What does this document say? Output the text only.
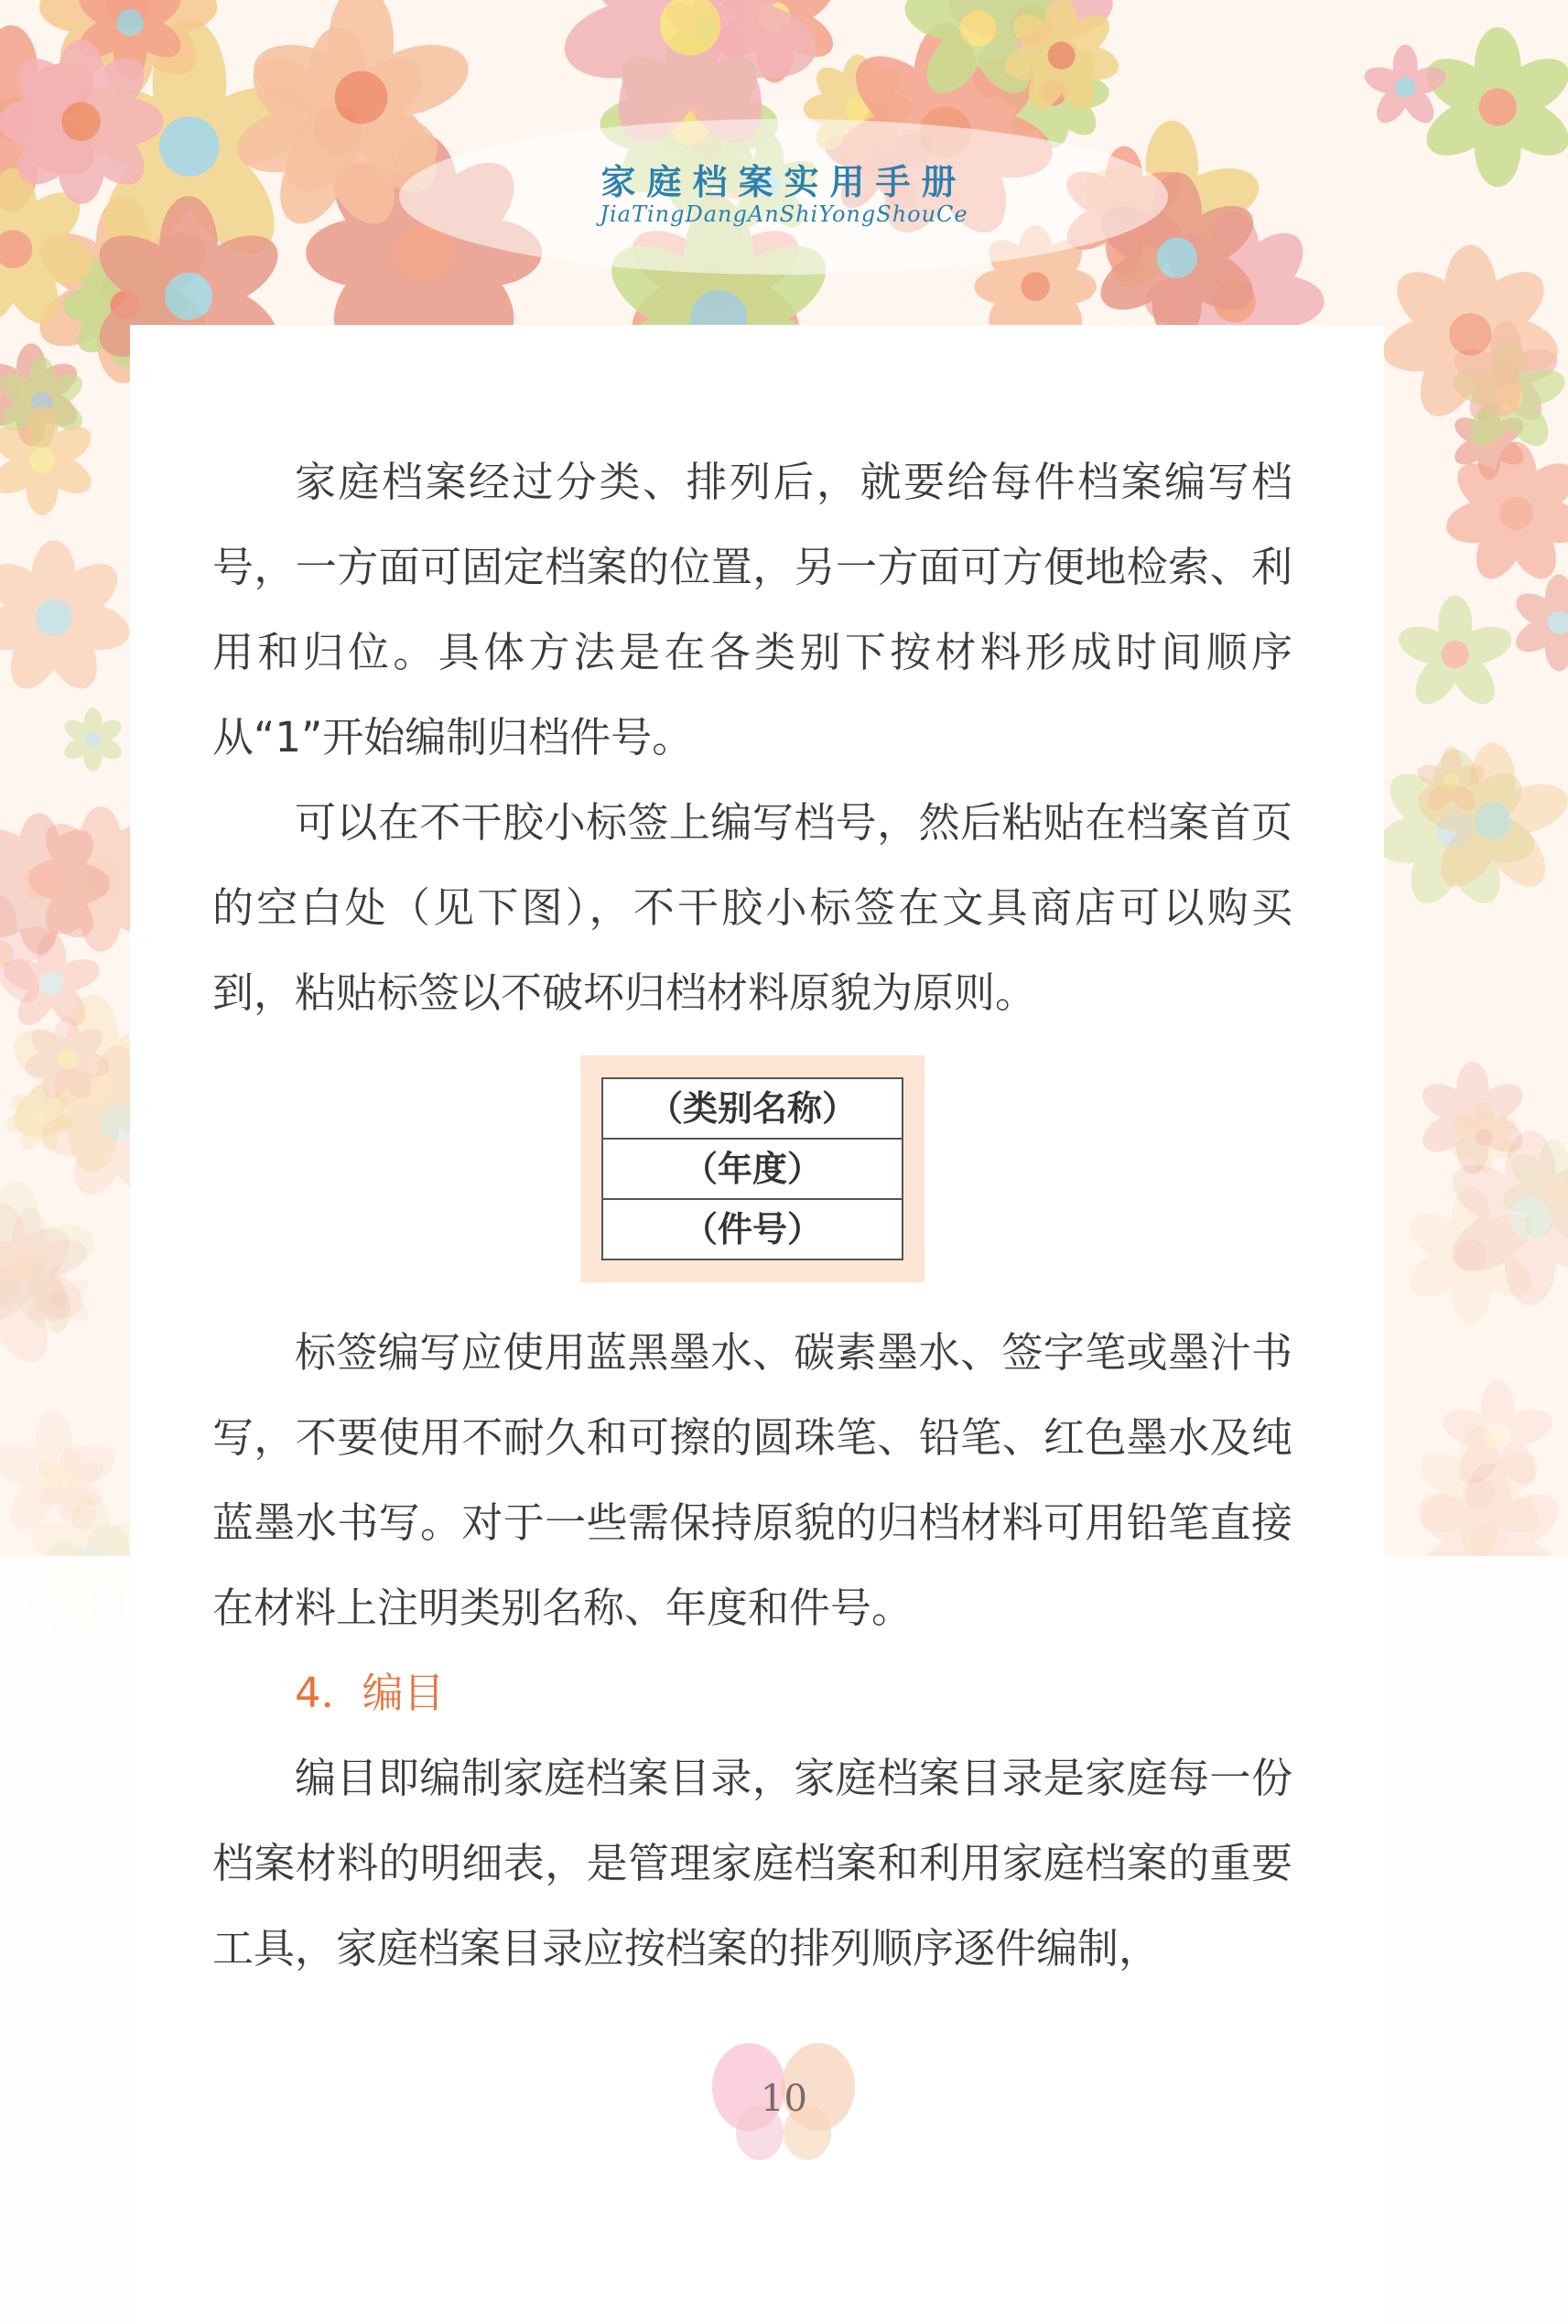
家庭档案实用手册
JiaTingDangAnShiYongShouCe

家庭档案经过分类、排列后，就要给每件档案编写档号，一方面可固定档案的位置，另一方面可方便地检索、利用和归位。具体方法是在各类别下按材料形成时间顺序从“1”开始编制归档件号。

可以在不干胶小标签上编写档号，然后粘贴在档案首页的空白处（见下图），不干胶小标签在文具商店可以购买到，粘贴标签以不破坏归档材料原貌为原则。

（类别名称）
（年度）
（件号）

标签编写应使用蓝黑墨水、碳素墨水、签字笔或墨汁书写，不要使用不耐久和可擦的圆珠笔、铅笔、红色墨水及纯蓝墨水书写。对于一些需保持原貌的归档材料可用铅笔直接在材料上注明类别名称、年度和件号。

4．编目

编目即编制家庭档案目录，家庭档案目录是家庭每一份档案材料的明细表，是管理家庭档案和利用家庭档案的重要工具，家庭档案目录应按档案的排列顺序逐件编制，

10
